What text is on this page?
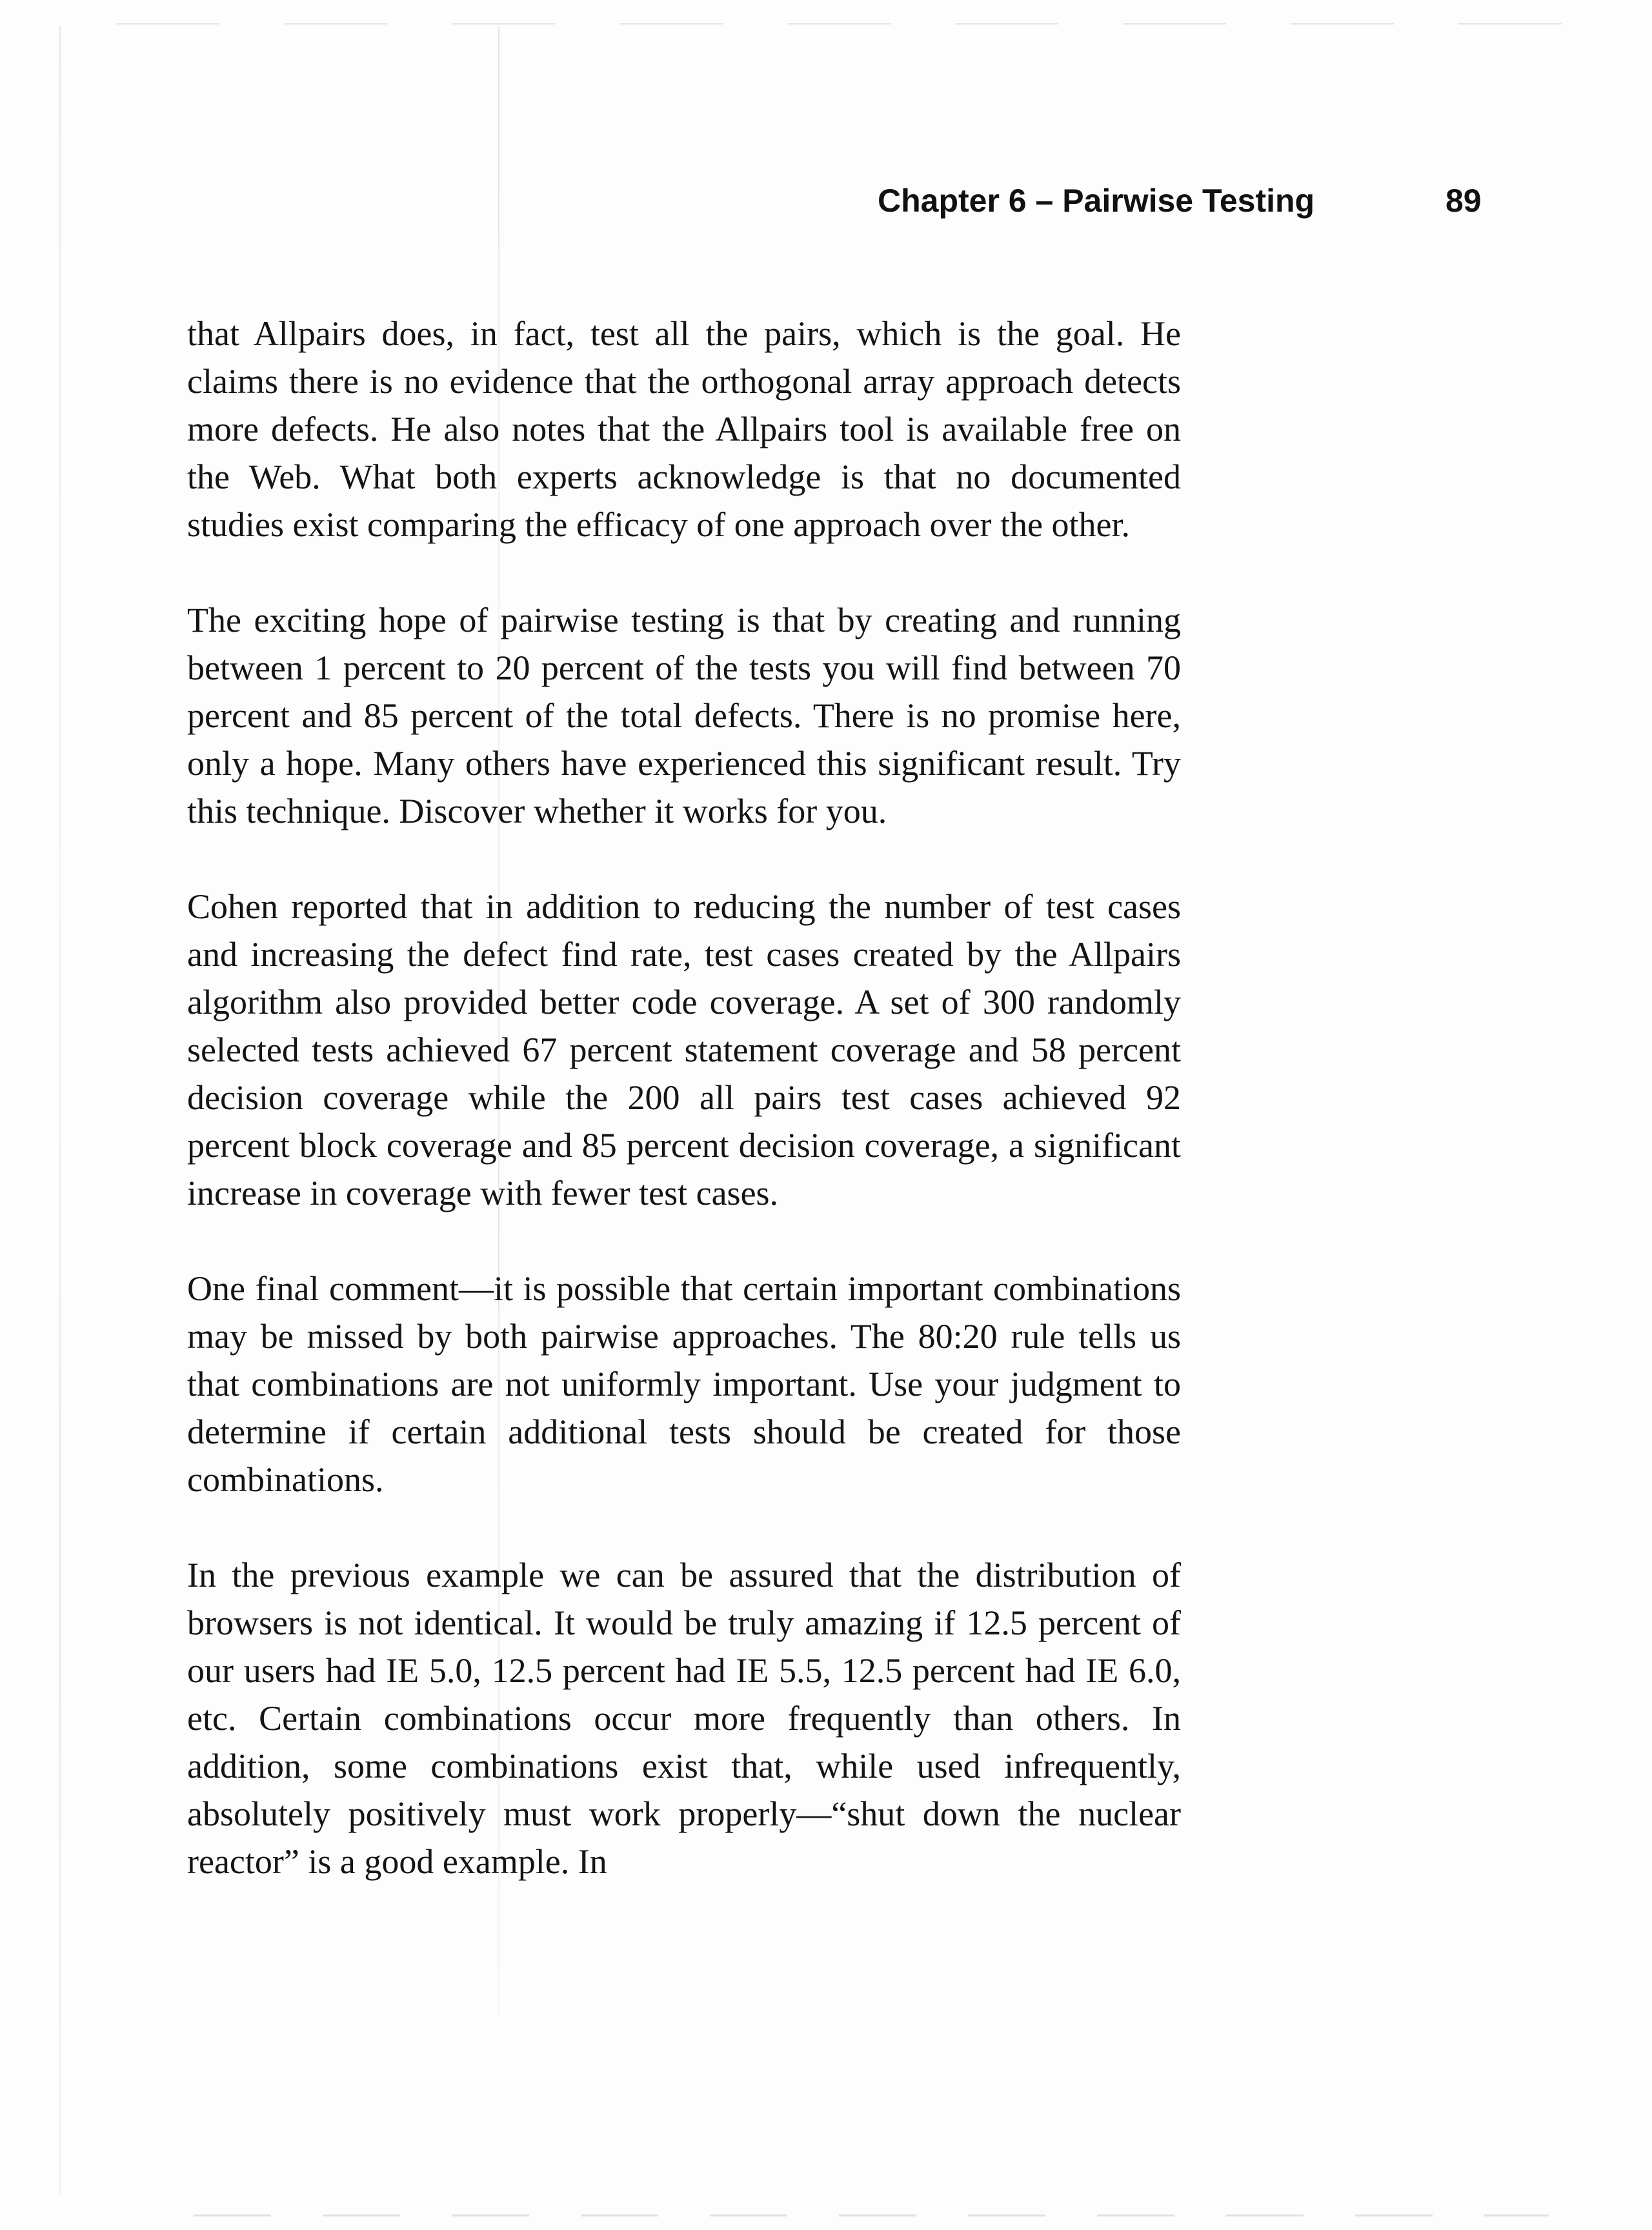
Chapter 6 – Pairwise Testing	89

that Allpairs does, in fact, test all the pairs, which is the goal. He claims there is no evidence that the orthogonal array approach detects more defects. He also notes that the Allpairs tool is available free on the Web. What both experts acknowledge is that no documented studies exist comparing the efficacy of one approach over the other.

The exciting hope of pairwise testing is that by creating and running between 1 percent to 20 percent of the tests you will find between 70 percent and 85 percent of the total defects. There is no promise here, only a hope. Many others have experienced this significant result. Try this technique. Discover whether it works for you.

Cohen reported that in addition to reducing the number of test cases and increasing the defect find rate, test cases created by the Allpairs algorithm also provided better code coverage. A set of 300 randomly selected tests achieved 67 percent statement coverage and 58 percent decision coverage while the 200 all pairs test cases achieved 92 percent block coverage and 85 percent decision coverage, a significant increase in coverage with fewer test cases.

One final comment—it is possible that certain important combinations may be missed by both pairwise approaches. The 80:20 rule tells us that combinations are not uniformly important. Use your judgment to determine if certain additional tests should be created for those combinations.

In the previous example we can be assured that the distribution of browsers is not identical. It would be truly amazing if 12.5 percent of our users had IE 5.0, 12.5 percent had IE 5.5, 12.5 percent had IE 6.0, etc. Certain combinations occur more frequently than others. In addition, some combinations exist that, while used infrequently, absolutely positively must work properly—“shut down the nuclear reactor” is a good example. In
